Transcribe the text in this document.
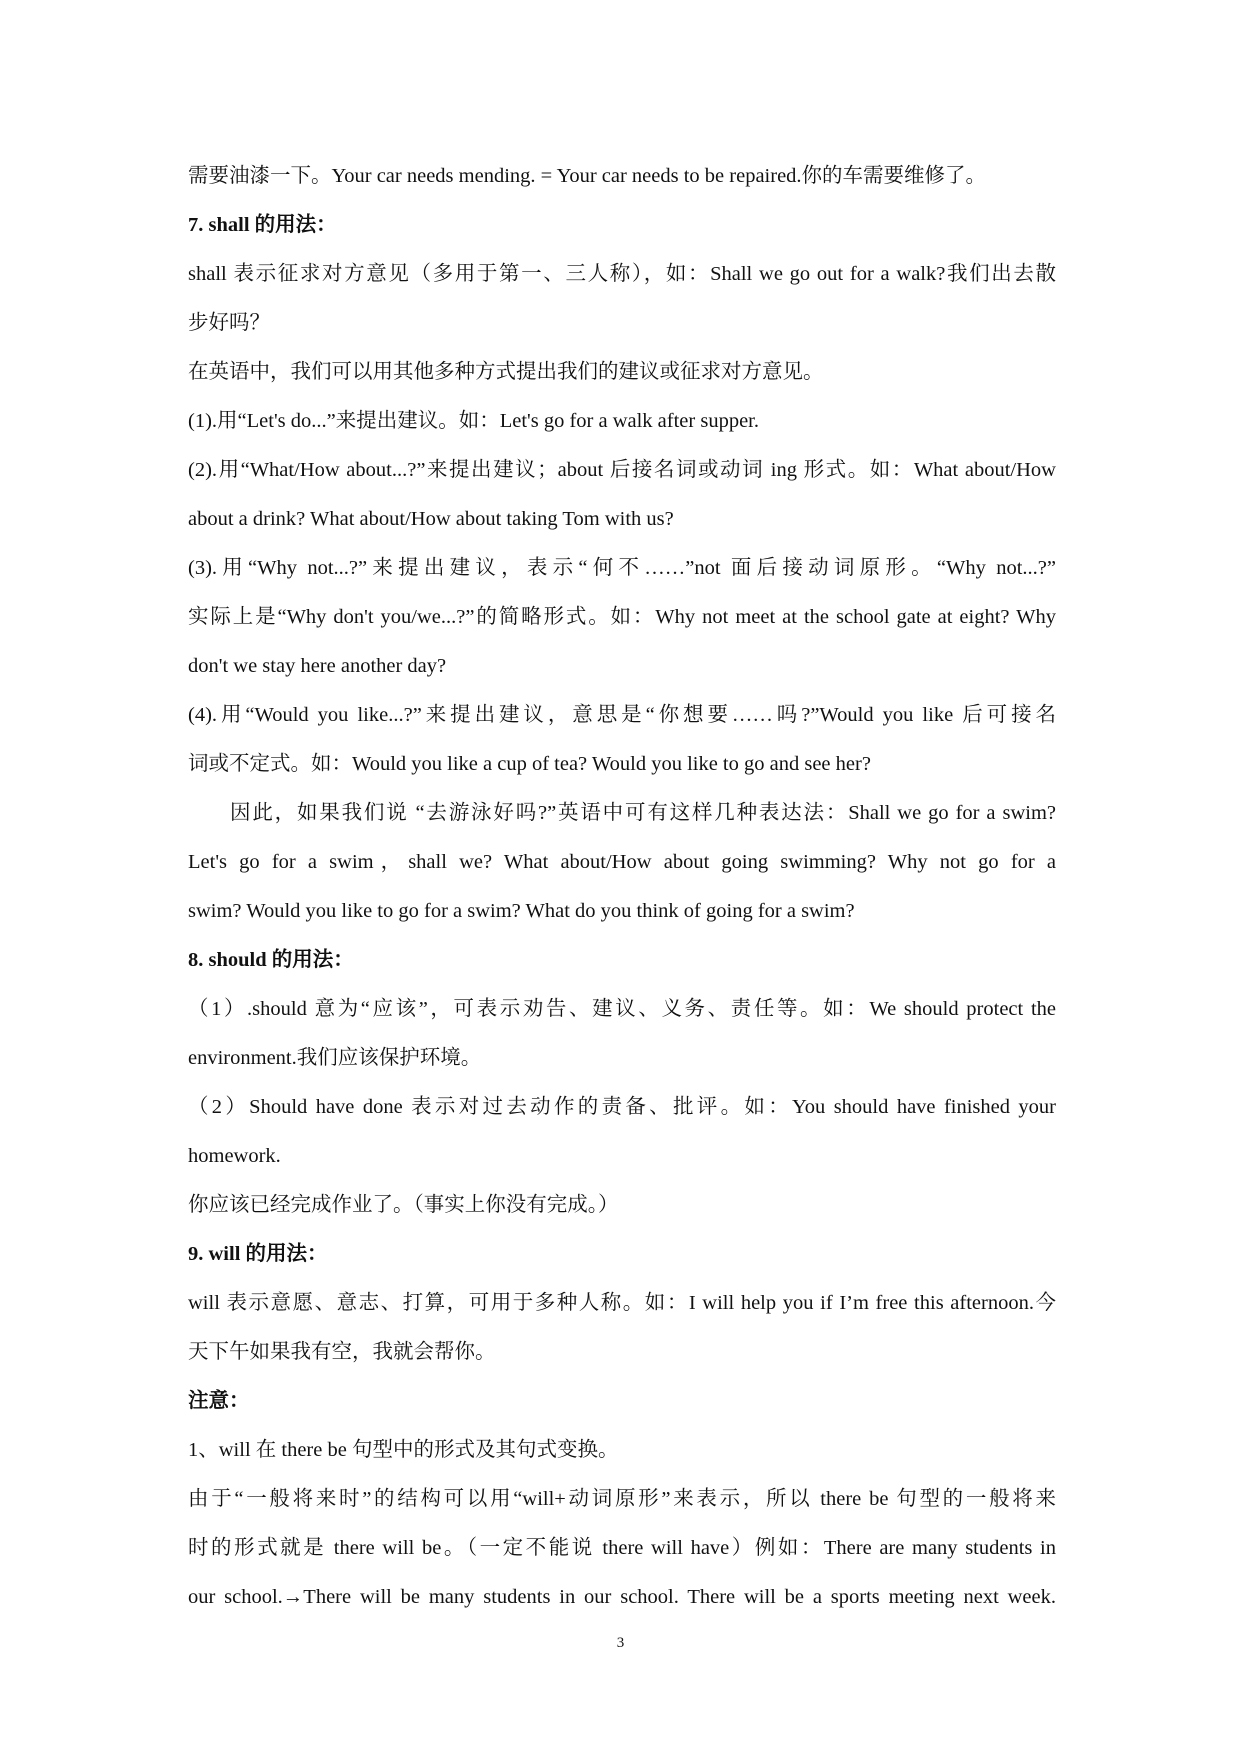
需要油漆一下。Your car needs mending. = Your car needs to be repaired.你的车需要维修了。
7. shall 的用法：
shall 表示征求对方意见（多用于第一、三人称），如：Shall we go out for a walk?我们出去散
步好吗？
在英语中，我们可以用其他多种方式提出我们的建议或征求对方意见。
(1).用“Let's do...”来提出建议。如：Let's go for a walk after supper.
(2).用“What/How about...?”来提出建议；about 后接名词或动词 ing 形式。如：What about/How
about a drink? What about/How about taking Tom with us?
(3).用“Why not...?”来提出建议，表示“何不……”not 面后接动词原形。“Why not...?”
实际上是“Why don't you/we...?”的简略形式。如：Why not meet at the school gate at eight? Why
don't we stay here another day?
(4).用“Would you like...?”来提出建议，意思是“你想要……吗?”Would you like 后可接名
词或不定式。如：Would you like a cup of tea? Would you like to go and see her?
因此，如果我们说 “去游泳好吗?”英语中可有这样几种表达法：Shall we go for a swim?
Let's go for a swim，shall we? What about/How about going swimming? Why not go for a
swim? Would you like to go for a swim? What do you think of going for a swim?
8. should 的用法：
（1）.should 意为“应该”，可表示劝告、建议、义务、责任等。如：We should protect the
environment.我们应该保护环境。
（2）Should have done 表示对过去动作的责备、批评。如：You should have finished your
homework.
你应该已经完成作业了。（事实上你没有完成。）
9. will 的用法：
will 表示意愿、意志、打算，可用于多种人称。如：I will help you if I’m free this afternoon.今
天下午如果我有空，我就会帮你。
注意：
1、will 在 there be 句型中的形式及其句式变换。
由于“一般将来时”的结构可以用“will+动词原形”来表示，所以 there be 句型的一般将来
时的形式就是 there will be。（一定不能说 there will have）例如：There are many students in
our school.→There will be many students in our school. There will be a sports meeting next week.
3
